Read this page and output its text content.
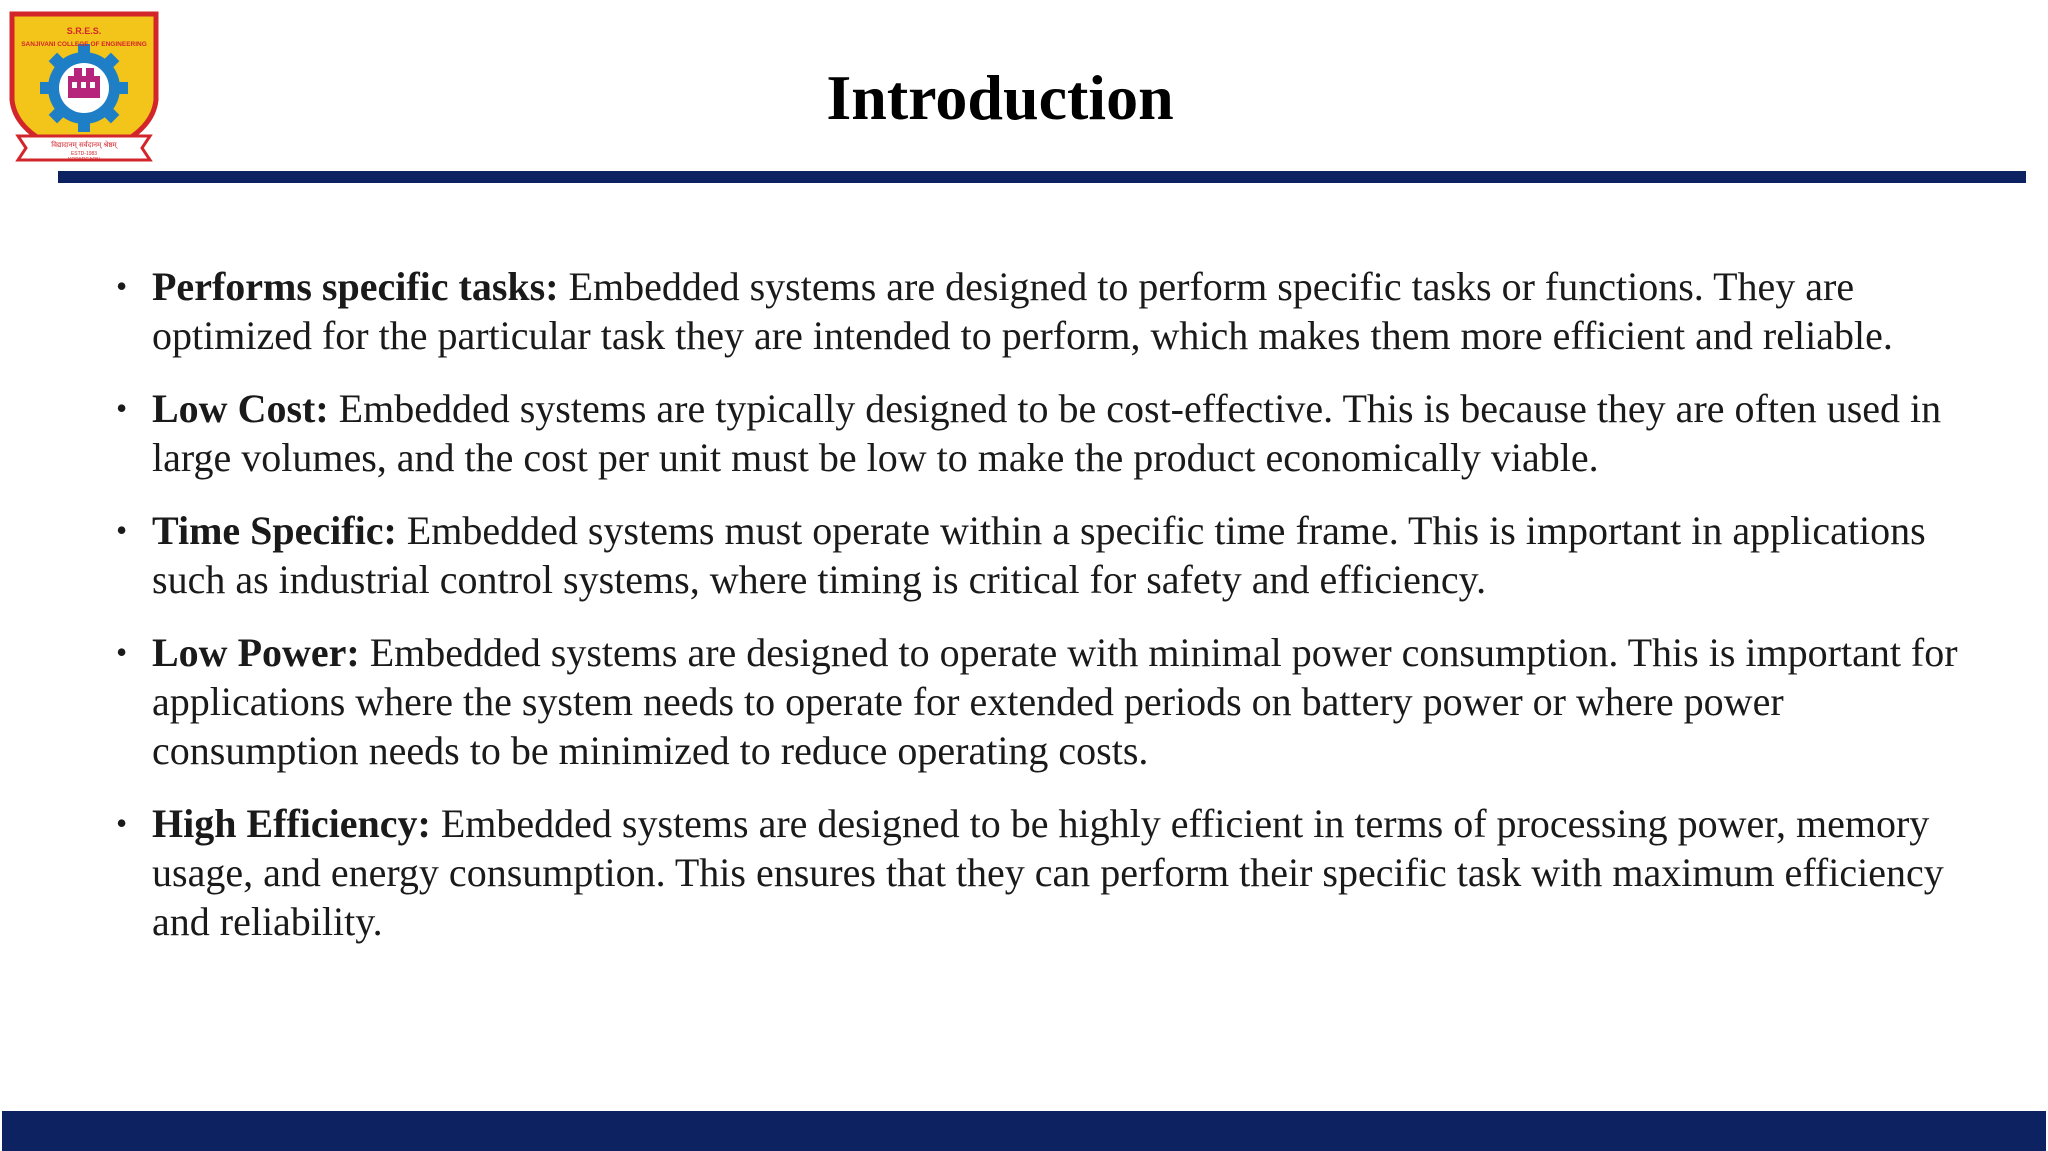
S.R.E.S.
SANJIVANI COLLEGE OF ENGINEERING
विद्यादानम् सर्वदानम् श्रेष्ठम्
ESTD-1983
KOPARGAON
Introduction
• Performs specific tasks: Embedded systems are designed to perform specific tasks or functions. They are optimized for the particular task they are intended to perform, which makes them more efficient and reliable.
• Low Cost: Embedded systems are typically designed to be cost-effective. This is because they are often used in large volumes, and the cost per unit must be low to make the product economically viable.
• Time Specific: Embedded systems must operate within a specific time frame. This is important in applications such as industrial control systems, where timing is critical for safety and efficiency.
• Low Power: Embedded systems are designed to operate with minimal power consumption. This is important for applications where the system needs to operate for extended periods on battery power or where power consumption needs to be minimized to reduce operating costs.
• High Efficiency: Embedded systems are designed to be highly efficient in terms of processing power, memory usage, and energy consumption. This ensures that they can perform their specific task with maximum efficiency and reliability.
